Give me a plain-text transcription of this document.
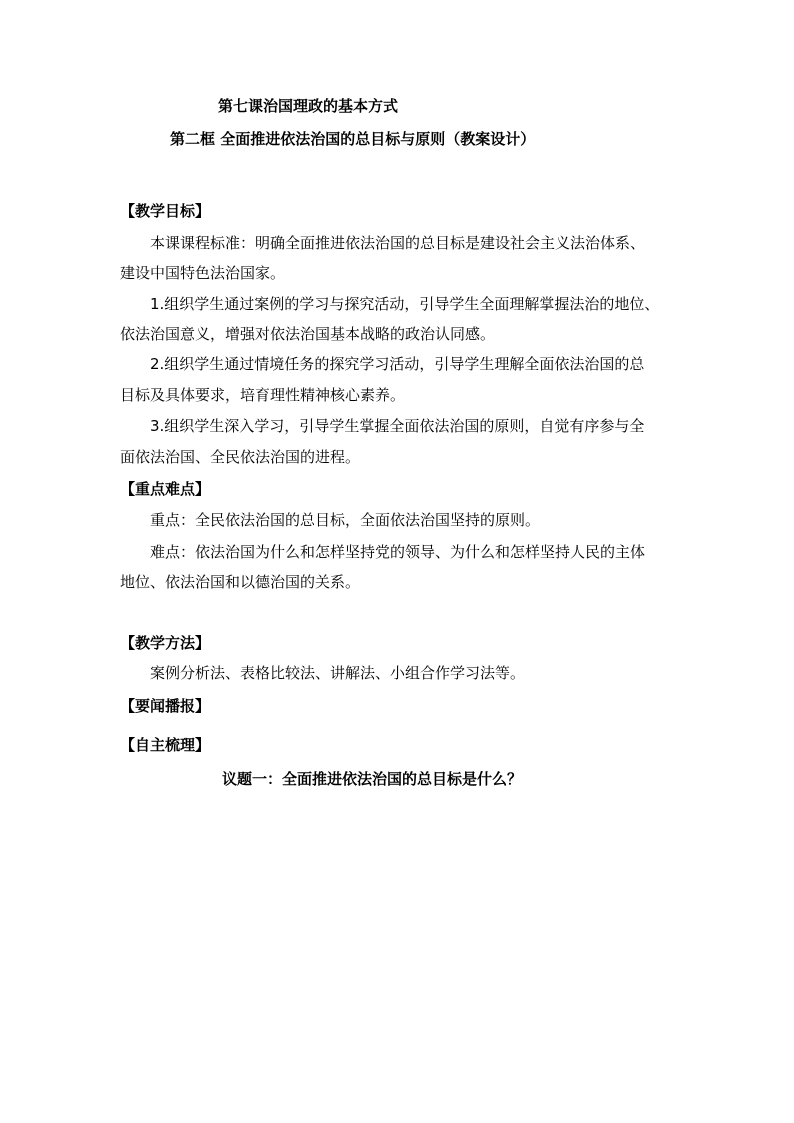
第七课治国理政的基本方式
第二框 全面推进依法治国的总目标与原则（教案设计）
【教学目标】
本课课程标准：明确全面推进依法治国的总目标是建设社会主义法治体系、
建设中国特色法治国家。
1.组织学生通过案例的学习与探究活动，引导学生全面理解掌握法治的地位、
依法治国意义，增强对依法治国基本战略的政治认同感。
2.组织学生通过情境任务的探究学习活动，引导学生理解全面依法治国的总
目标及具体要求，培育理性精神核心素养。
3.组织学生深入学习，引导学生掌握全面依法治国的原则，自觉有序参与全
面依法治国、全民依法治国的进程。
【重点难点】
重点：全民依法治国的总目标，全面依法治国坚持的原则。
难点：依法治国为什么和怎样坚持党的领导、为什么和怎样坚持人民的主体
地位、依法治国和以德治国的关系。
【教学方法】
案例分析法、表格比较法、讲解法、小组合作学习法等。
【要闻播报】
【自主梳理】
议题一：全面推进依法治国的总目标是什么？
